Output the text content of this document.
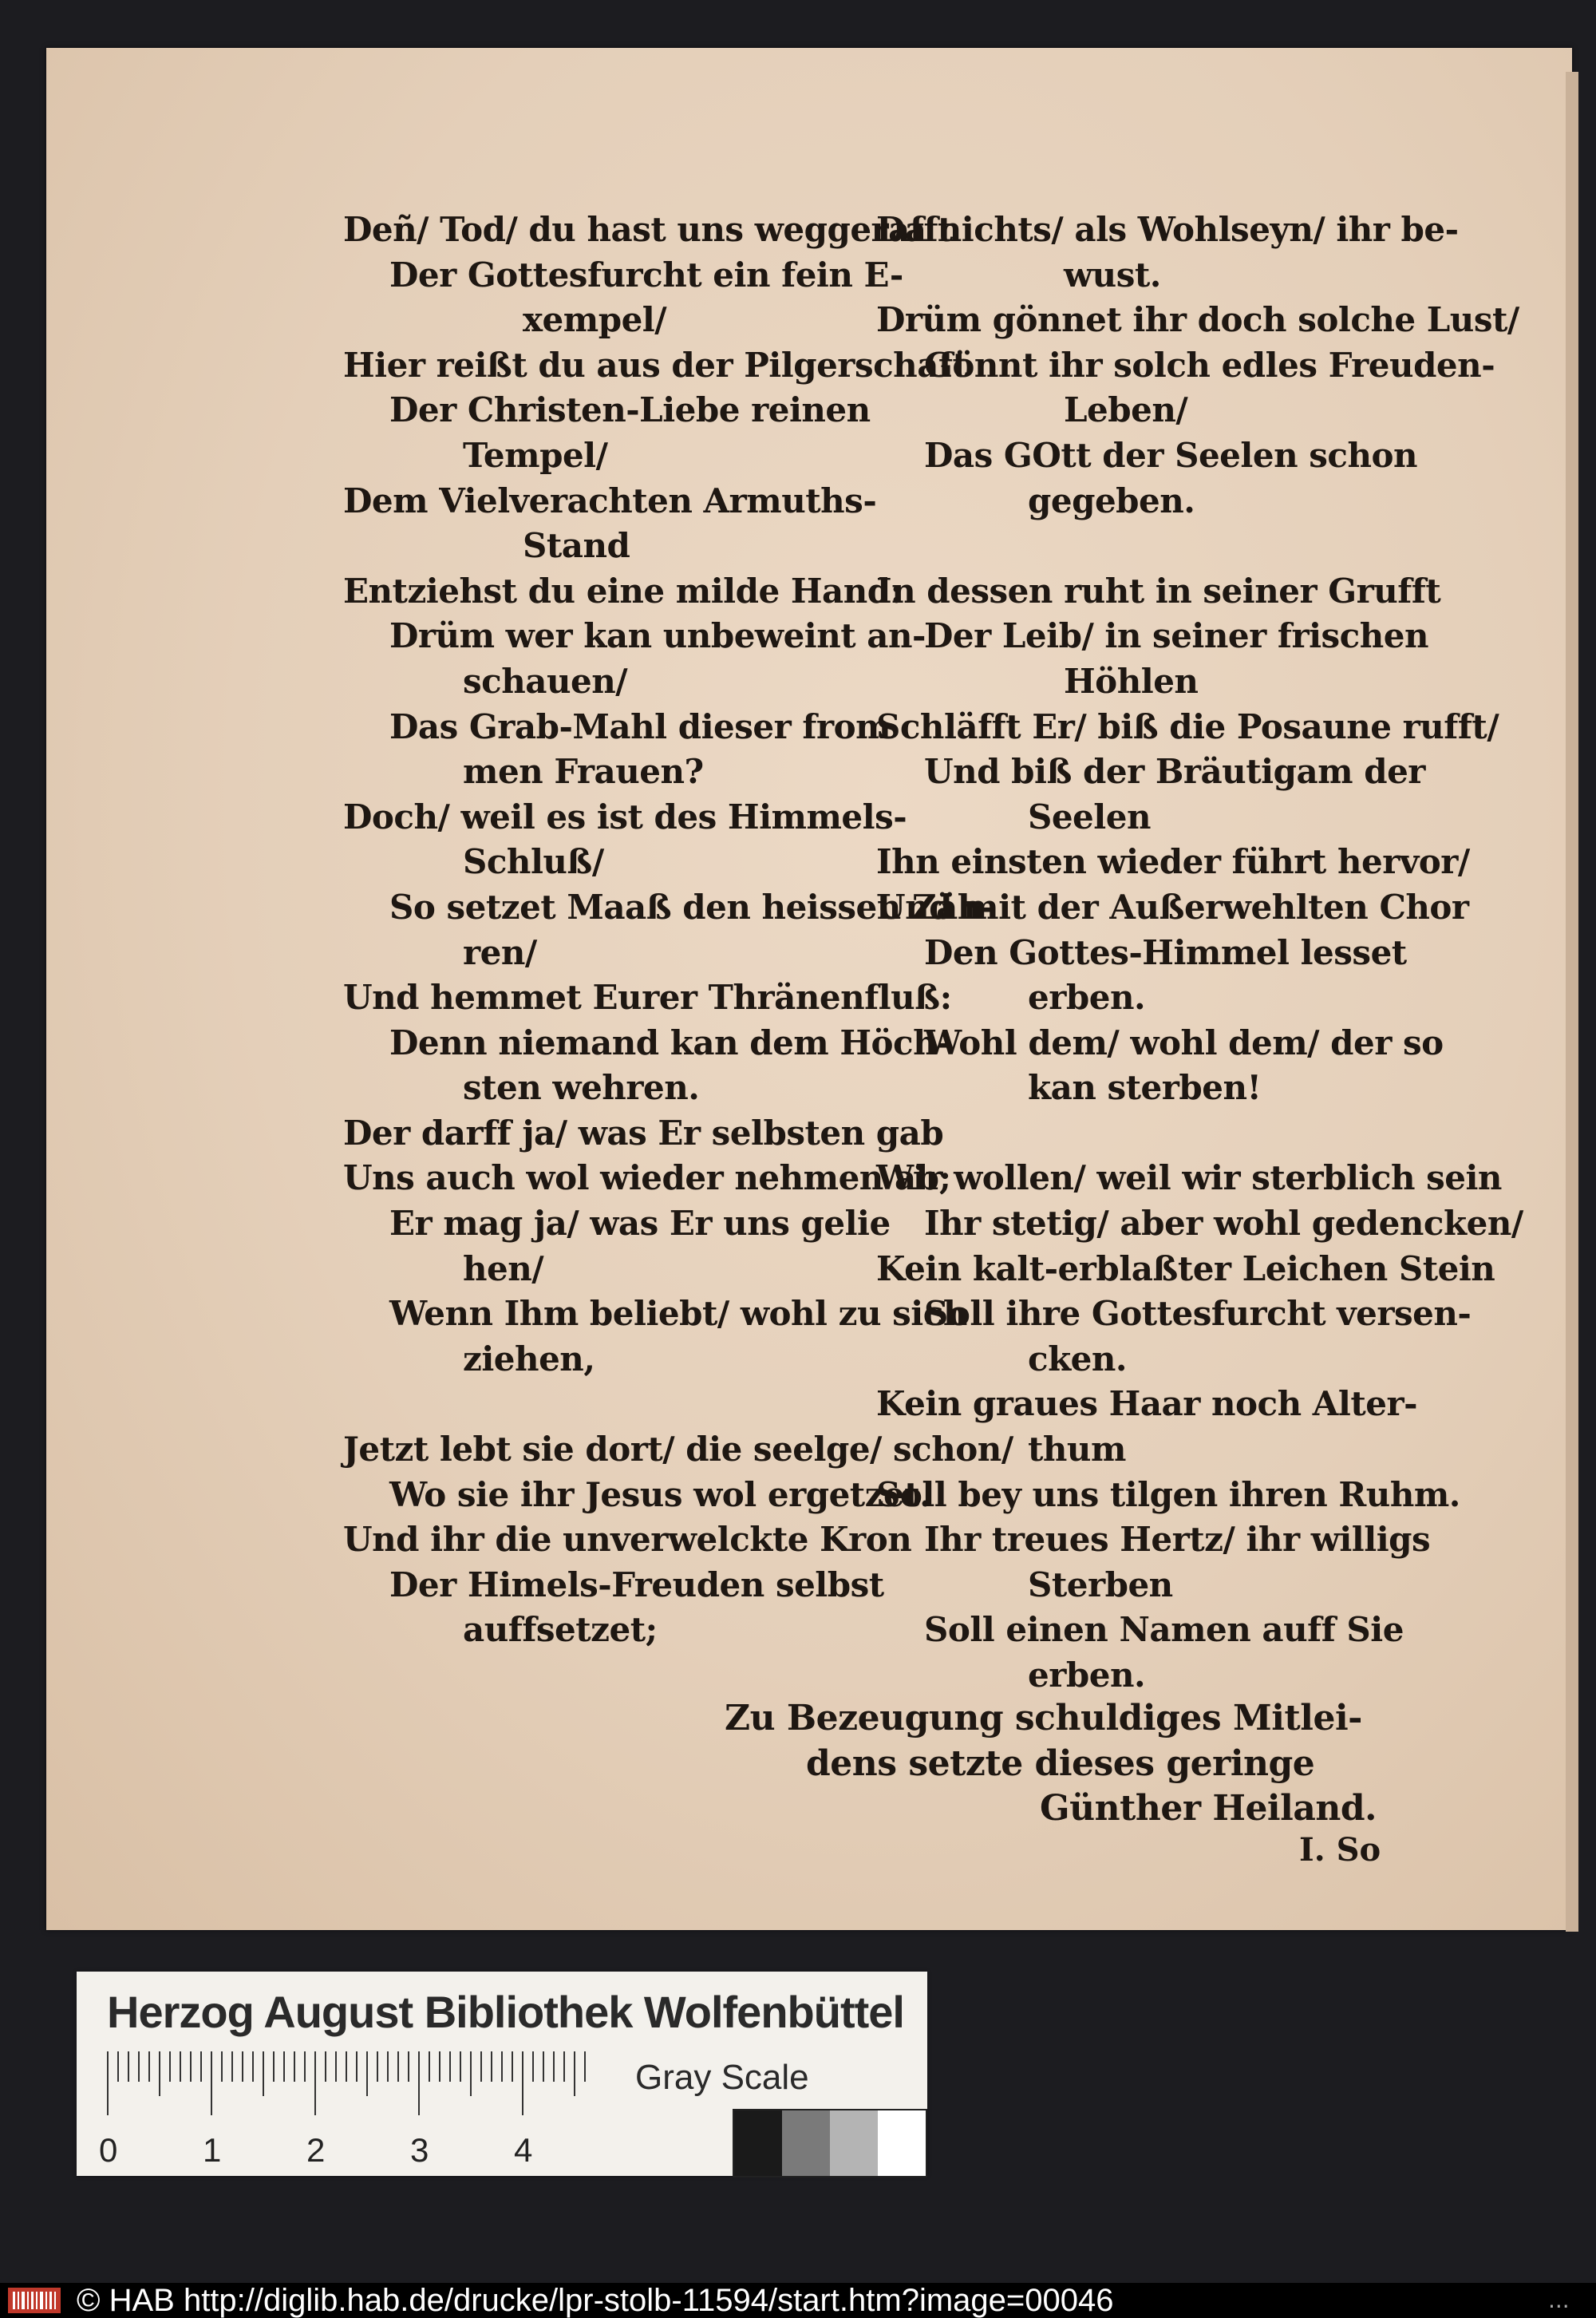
Deñ/ Tod/ du hast uns weggerafft
Der Gottesfurcht ein fein E-
xempel/
Hier reißt du aus der Pilgerschaft
Der Christen-Liebe reinen
Tempel/
Dem Vielverachten Armuths-
Stand
Entziehst du eine milde Hand:
Drüm wer kan unbeweint an-
schauen/
Das Grab-Mahl dieser from
men Frauen?
Doch/ weil es ist des Himmels-
Schluß/
So setzet Maaß den heissen Zäh-
ren/
Und hemmet Eurer Thränenfluß:
Denn niemand kan dem Höch-
sten wehren.
Der darff ja/ was Er selbsten gab
Uns auch wol wieder nehmen ab;
Er mag ja/ was Er uns gelie
hen/
Wenn Ihm beliebt/ wohl zu sich
ziehen,
Jetzt lebt sie dort/ die seelge/ schon/
Wo sie ihr Jesus wol ergetzet.
Und ihr die unverwelckte Kron
Der Himels-Freuden selbst
auffsetzet;
Da nichts/ als Wohlseyn/ ihr be-
wust.
Drüm gönnet ihr doch solche Lust/
Gönnt ihr solch edles Freuden-
Leben/
Das GOtt der Seelen schon
gegeben.
In dessen ruht in seiner Grufft
Der Leib/ in seiner frischen
Höhlen
Schläfft Er/ biß die Posaune rufft/
Und biß der Bräutigam der
Seelen
Ihn einsten wieder führt hervor/
Und mit der Außerwehlten Chor
Den Gottes-Himmel lesset
erben.
Wohl dem/ wohl dem/ der so
kan sterben!
Wir wollen/ weil wir sterblich sein
Ihr stetig/ aber wohl gedencken/
Kein kalt-erblaßter Leichen Stein
Soll ihre Gottesfurcht versen-
cken.
Kein graues Haar noch Alter-
thum
Soll bey uns tilgen ihren Ruhm.
Ihr treues Hertz/ ihr willigs
Sterben
Soll einen Namen auff Sie
erben.
Zu Bezeugung schuldiges Mitlei-
dens setzte dieses geringe
Günther Heiland.
I. So
Herzog August Bibliothek Wolfenbüttel
0	1	2	3	4
Gray Scale
© HAB http://diglib.hab.de/drucke/lpr-stolb-11594/start.htm?image=00046	...
